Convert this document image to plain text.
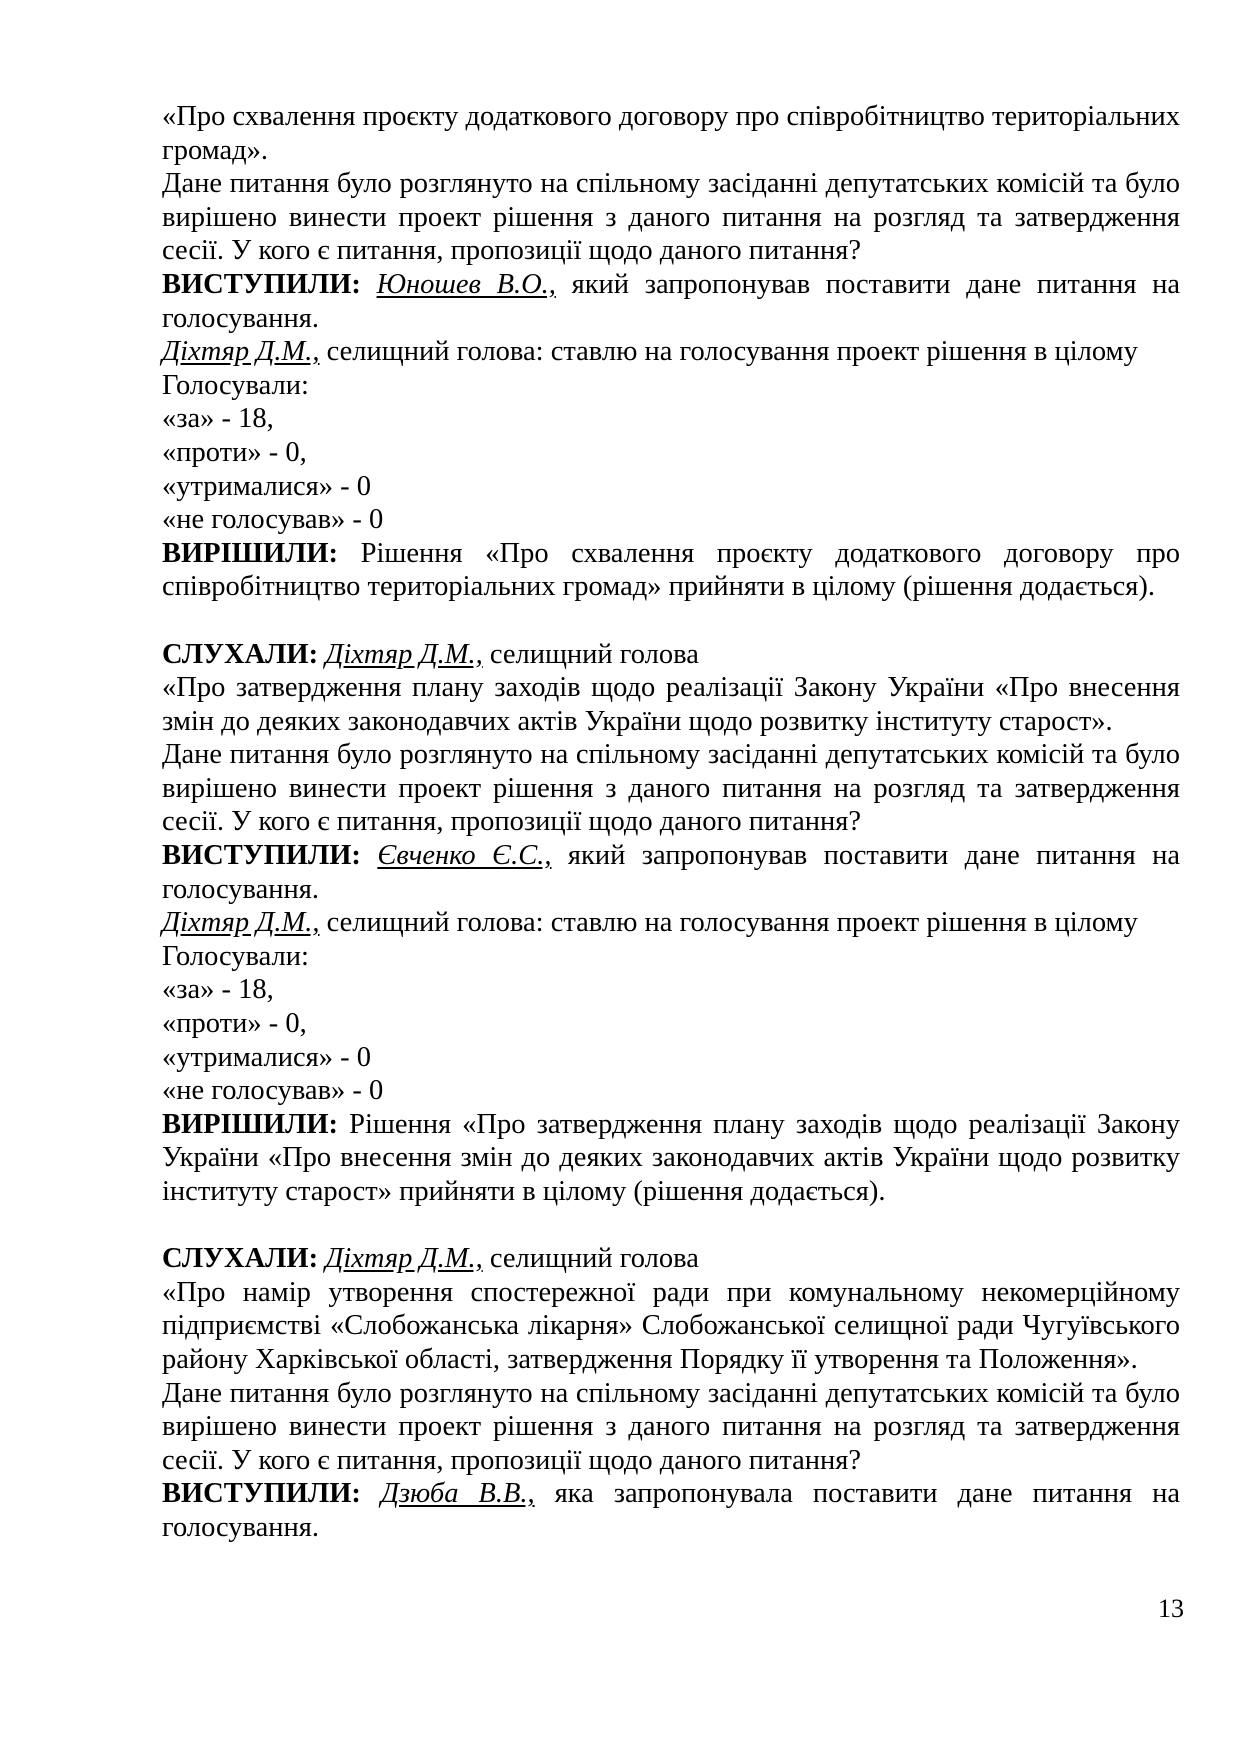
«Про схвалення проєкту додаткового договору про співробітництво територіальних громад».

Дане питання було розглянуто на спільному засіданні депутатських комісій та було вирішено винести проект рішення з даного питання на розгляд та затвердження сесії. У кого є питання, пропозиції щодо даного питання?

ВИСТУПИЛИ: Юношев В.О., який запропонував поставити дане питання на голосування.

Діхтяр Д.М., селищний голова: ставлю на голосування проект рішення в цілому

Голосували:

«за» - 18,

«проти» - 0,

«утрималися» - 0

«не голосував» - 0

ВИРІШИЛИ: Рішення «Про схвалення проєкту додаткового договору про співробітництво територіальних громад» прийняти в цілому (рішення додається).

СЛУХАЛИ: Діхтяр Д.М., селищний голова

«Про затвердження плану заходів щодо реалізації Закону України «Про внесення змін до деяких законодавчих актів України щодо розвитку інституту старост».

Дане питання було розглянуто на спільному засіданні депутатських комісій та було вирішено винести проект рішення з даного питання на розгляд та затвердження сесії. У кого є питання, пропозиції щодо даного питання?

ВИСТУПИЛИ: Євченко Є.С., який запропонував поставити дане питання на голосування.

Діхтяр Д.М., селищний голова: ставлю на голосування проект рішення в цілому

Голосували:

«за» - 18,

«проти» - 0,

«утрималися» - 0

«не голосував» - 0

ВИРІШИЛИ: Рішення «Про затвердження плану заходів щодо реалізації Закону України «Про внесення змін до деяких законодавчих актів України щодо розвитку інституту старост» прийняти в цілому (рішення додається).

СЛУХАЛИ: Діхтяр Д.М., селищний голова

«Про намір утворення спостережної ради при комунальному некомерційному підприємстві «Слобожанська лікарня» Слобожанської селищної ради Чугуївського району Харківської області, затвердження Порядку її утворення та Положення».

Дане питання було розглянуто на спільному засіданні депутатських комісій та було вирішено винести проект рішення з даного питання на розгляд та затвердження сесії. У кого є питання, пропозиції щодо даного питання?

ВИСТУПИЛИ: Дзюба В.В., яка запропонувала поставити дане питання на голосування.

13
